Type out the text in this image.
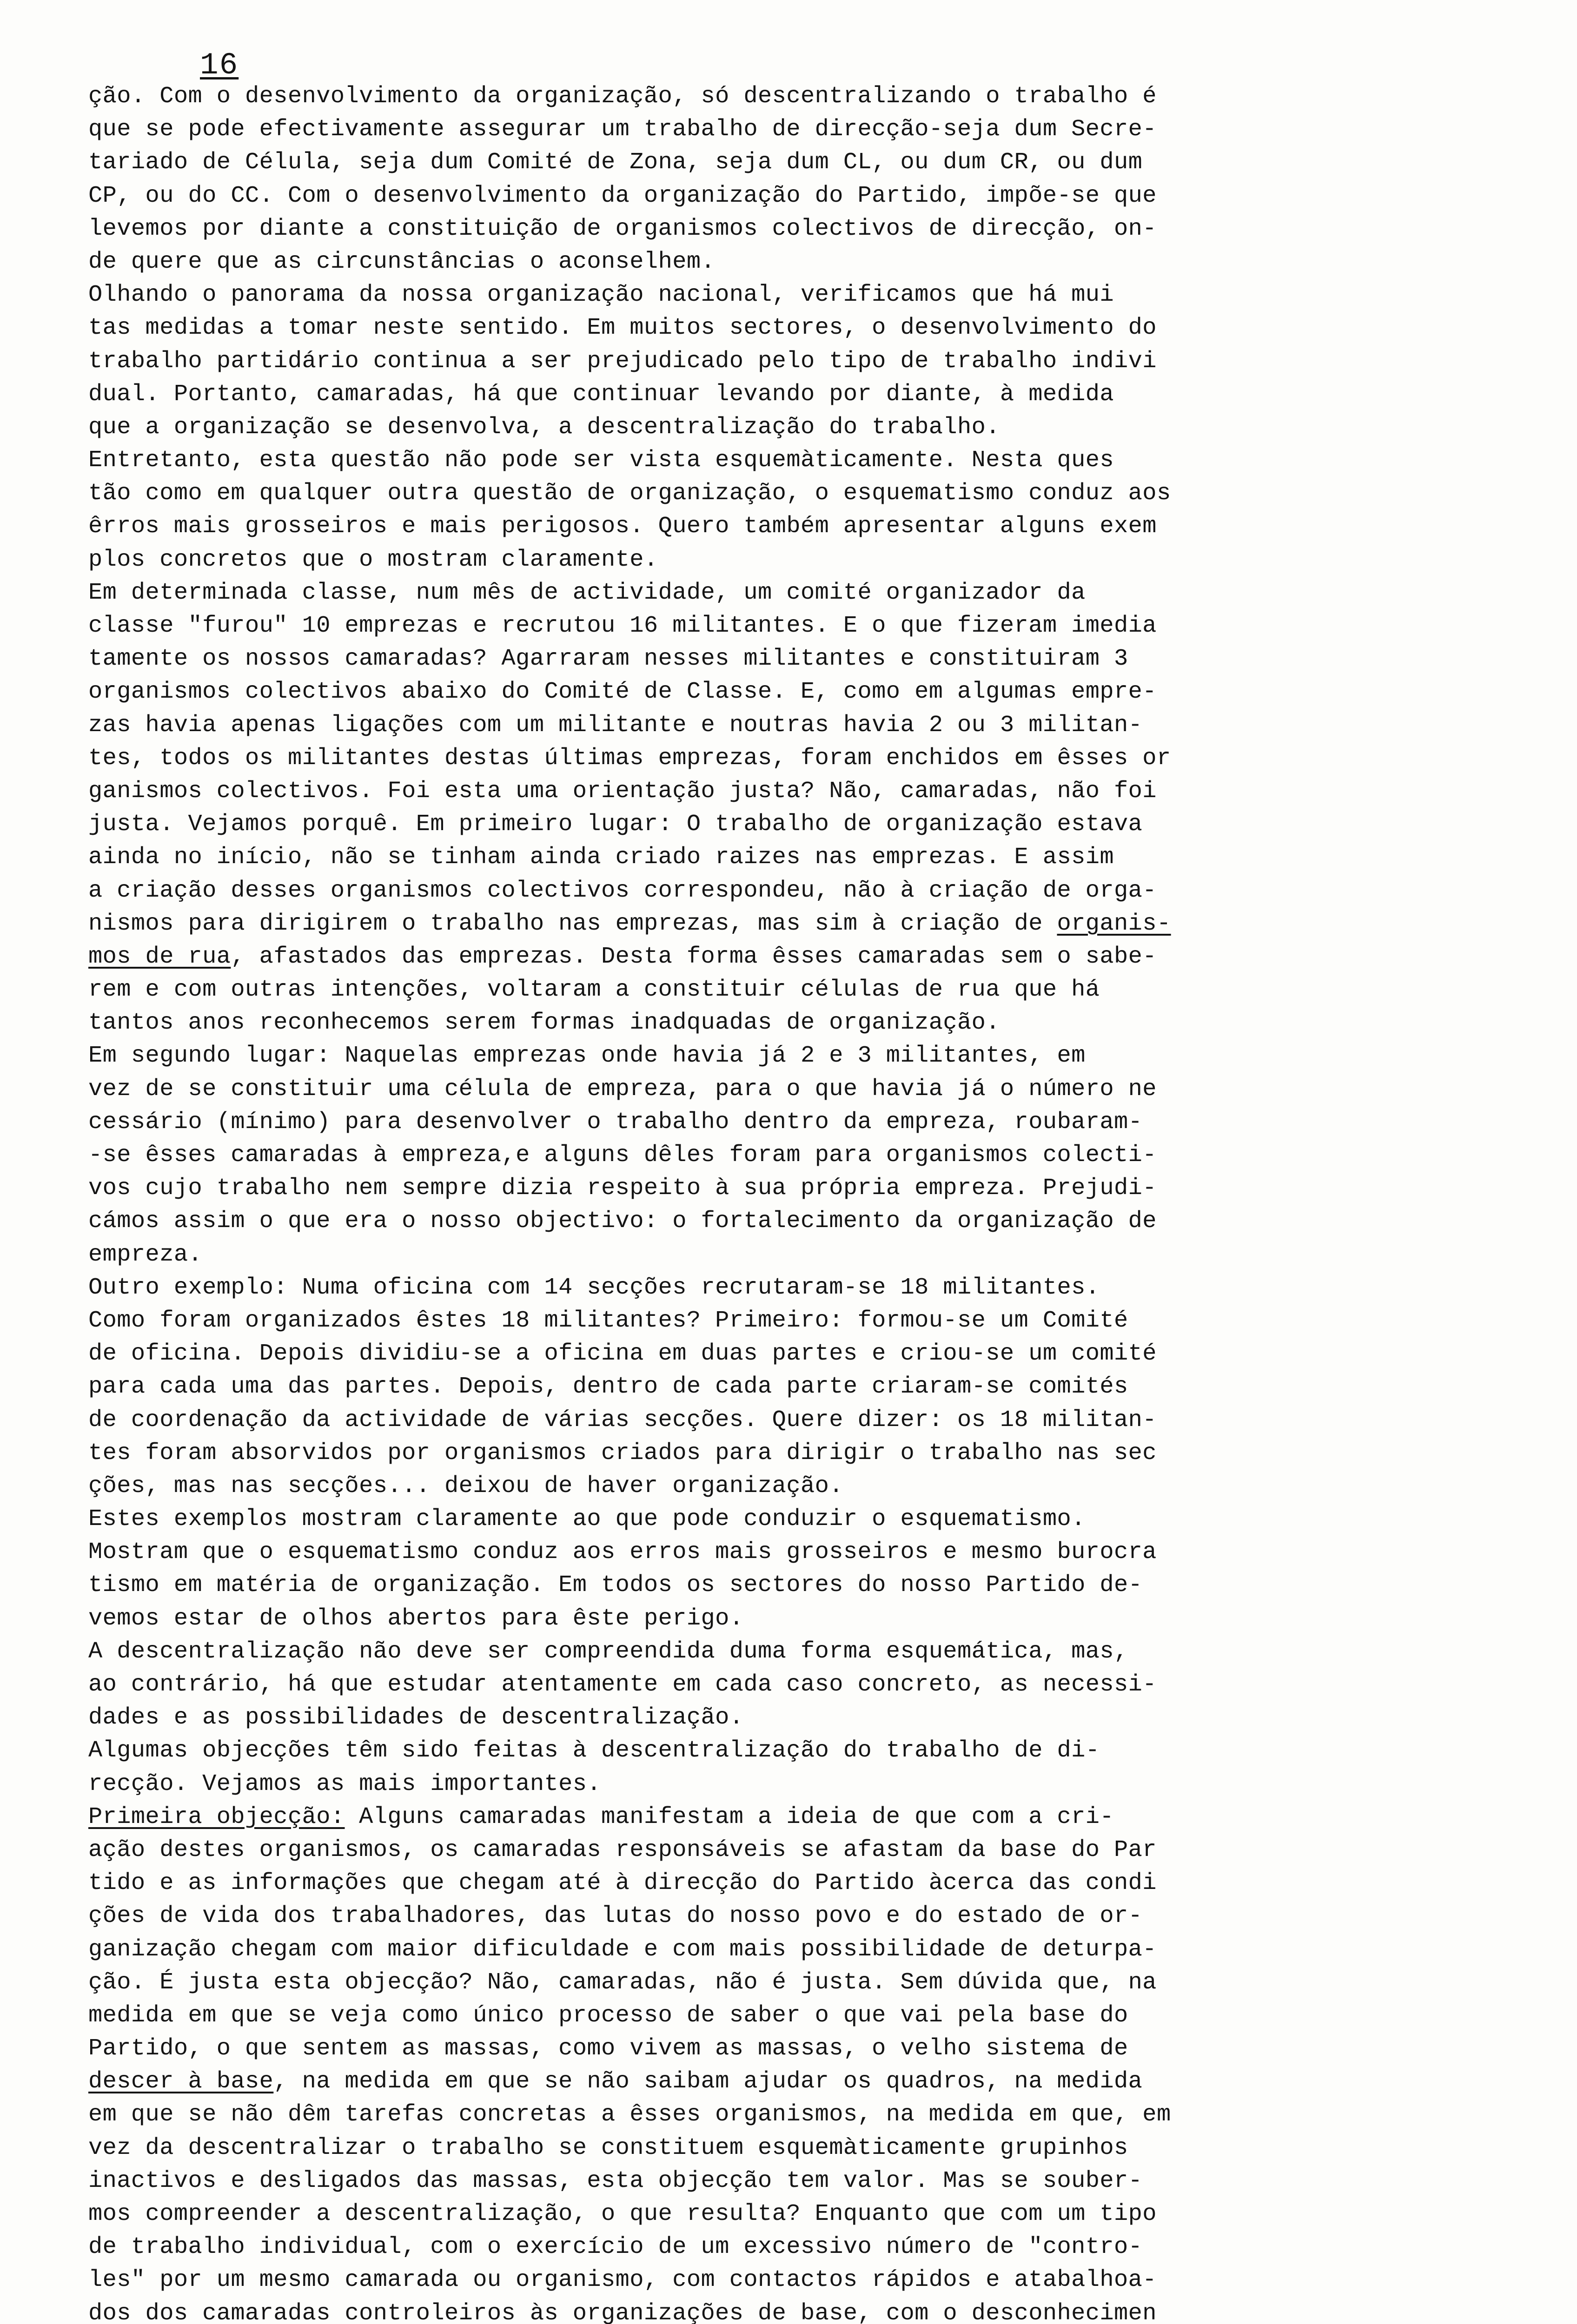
16
ção. Com o desenvolvimento da organização, só descentralizando o trabalho é
que se pode efectivamente assegurar um trabalho de direcção-seja dum Secre-
tariado de Célula, seja dum Comité de Zona, seja dum CL, ou dum CR, ou dum
CP, ou do CC. Com o desenvolvimento da organização do Partido, impõe-se que
levemos por diante a constituição de organismos colectivos de direcção, on-
de quere que as circunstâncias o aconselhem.
Olhando o panorama da nossa organização nacional, verificamos que há mui
tas medidas a tomar neste sentido. Em muitos sectores, o desenvolvimento do
trabalho partidário continua a ser prejudicado pelo tipo de trabalho indivi
dual. Portanto, camaradas, há que continuar levando por diante, à medida
que a organização se desenvolva, a descentralização do trabalho.
Entretanto, esta questão não pode ser vista esquemàticamente. Nesta ques
tão como em qualquer outra questão de organização, o esquematismo conduz aos
êrros mais grosseiros e mais perigosos. Quero também apresentar alguns exem
plos concretos que o mostram claramente.
Em determinada classe, num mês de actividade, um comité organizador da
classe "furou" 10 emprezas e recrutou 16 militantes. E o que fizeram imedia
tamente os nossos camaradas? Agarraram nesses militantes e constituiram 3
organismos colectivos abaixo do Comité de Classe. E, como em algumas empre-
zas havia apenas ligações com um militante e noutras havia 2 ou 3 militan-
tes, todos os militantes destas últimas emprezas, foram enchidos em êsses or
ganismos colectivos. Foi esta uma orientação justa? Não, camaradas, não foi
justa. Vejamos porquê. Em primeiro lugar: O trabalho de organização estava
ainda no início, não se tinham ainda criado raizes nas emprezas. E assim
a criação desses organismos colectivos correspondeu, não à criação de orga-
nismos para dirigirem o trabalho nas emprezas, mas sim à criação de organis-
mos de rua, afastados das emprezas. Desta forma êsses camaradas sem o sabe-
rem e com outras intenções, voltaram a constituir células de rua que há
tantos anos reconhecemos serem formas inadquadas de organização.
Em segundo lugar: Naquelas emprezas onde havia já 2 e 3 militantes, em
vez de se constituir uma célula de empreza, para o que havia já o número ne
cessário (mínimo) para desenvolver o trabalho dentro da empreza, roubaram-
-se êsses camaradas à empreza,e alguns dêles foram para organismos colecti-
vos cujo trabalho nem sempre dizia respeito à sua própria empreza. Prejudi-
cámos assim o que era o nosso objectivo: o fortalecimento da organização de
empreza.
Outro exemplo: Numa oficina com 14 secções recrutaram-se 18 militantes.
Como foram organizados êstes 18 militantes? Primeiro: formou-se um Comité
de oficina. Depois dividiu-se a oficina em duas partes e criou-se um comité
para cada uma das partes. Depois, dentro de cada parte criaram-se comités
de coordenação da actividade de várias secções. Quere dizer: os 18 militan-
tes foram absorvidos por organismos criados para dirigir o trabalho nas sec
ções, mas nas secções... deixou de haver organização.
Estes exemplos mostram claramente ao que pode conduzir o esquematismo.
Mostram que o esquematismo conduz aos erros mais grosseiros e mesmo burocra
tismo em matéria de organização. Em todos os sectores do nosso Partido de-
vemos estar de olhos abertos para êste perigo.
A descentralização não deve ser compreendida duma forma esquemática, mas,
ao contrário, há que estudar atentamente em cada caso concreto, as necessi-
dades e as possibilidades de descentralização.
Algumas objecções têm sido feitas à descentralização do trabalho de di-
recção. Vejamos as mais importantes.
Primeira objecção: Alguns camaradas manifestam a ideia de que com a cri-
ação destes organismos, os camaradas responsáveis se afastam da base do Par
tido e as informações que chegam até à direcção do Partido àcerca das condi
ções de vida dos trabalhadores, das lutas do nosso povo e do estado de or-
ganização chegam com maior dificuldade e com mais possibilidade de deturpa-
ção. É justa esta objecção? Não, camaradas, não é justa. Sem dúvida que, na
medida em que se veja como único processo de saber o que vai pela base do
Partido, o que sentem as massas, como vivem as massas, o velho sistema de
descer à base, na medida em que se não saibam ajudar os quadros, na medida
em que se não dêm tarefas concretas a êsses organismos, na medida em que, em
vez da descentralizar o trabalho se constituem esquemàticamente grupinhos
inactivos e desligados das massas, esta objecção tem valor. Mas se souber-
mos compreender a descentralização, o que resulta? Enquanto que com um tipo
de trabalho individual, com o exercício de um excessivo número de "contro-
les" por um mesmo camarada ou organismo, com contactos rápidos e atabalhoa-
dos dos camaradas controleiros às organizações de base, com o desconhecimen
